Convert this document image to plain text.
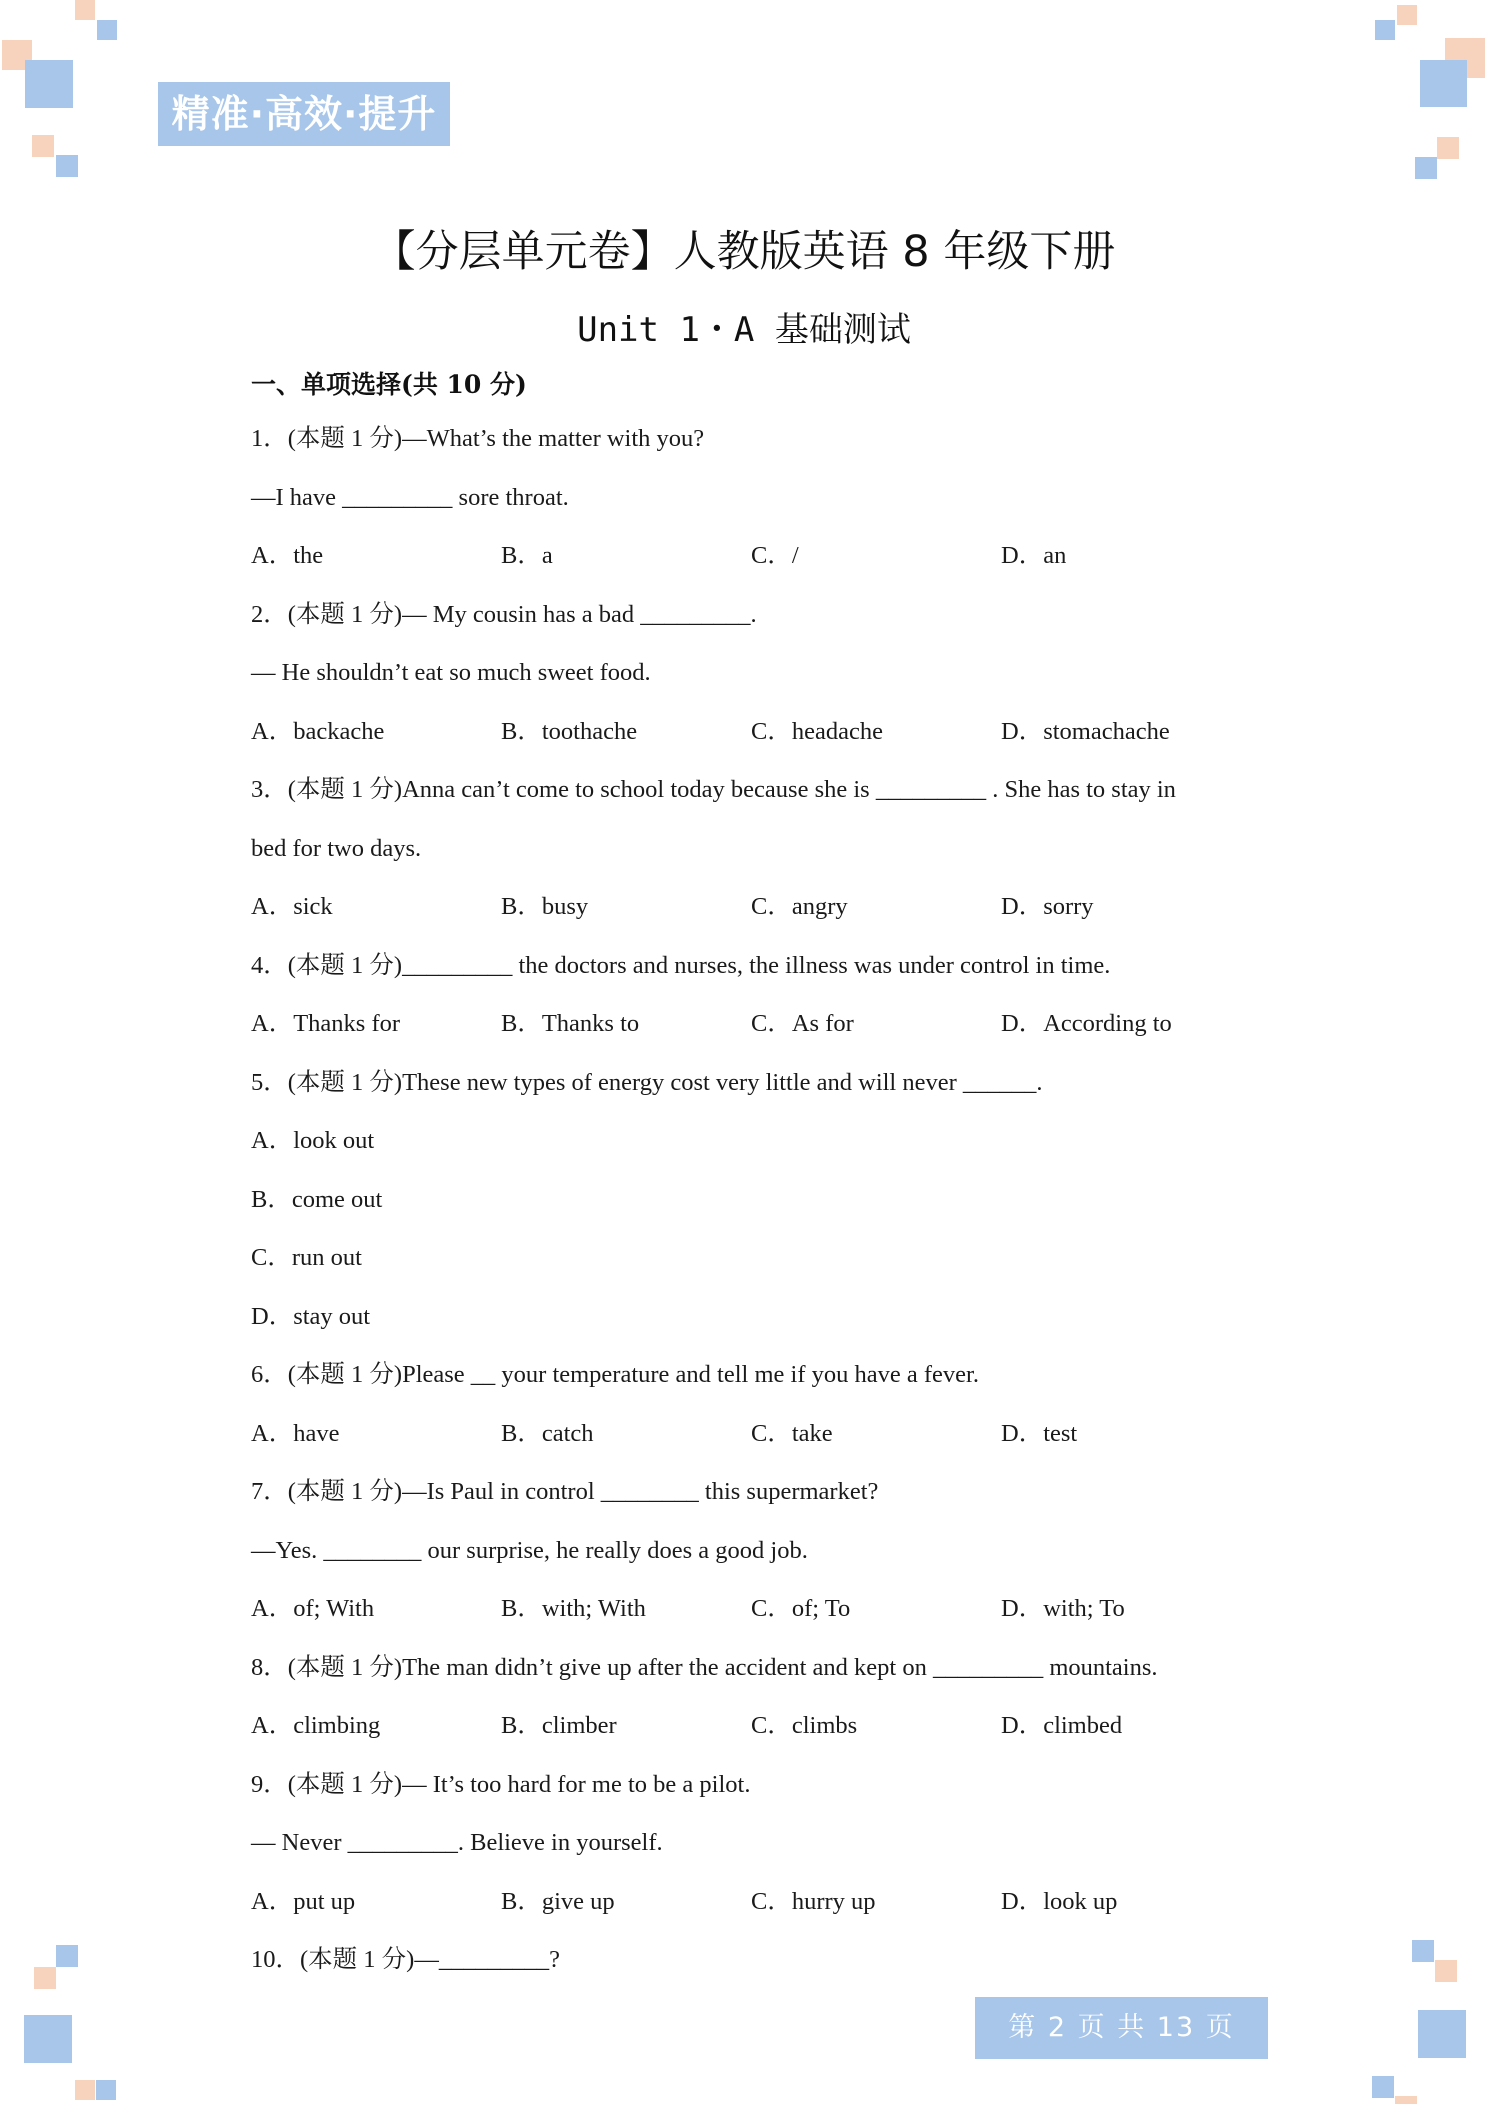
精准·高效·提升
【分层单元卷】人教版英语 8 年级下册
Unit 1・A 基础测试
一、单项选择(共 10 分)
1．(本题 1 分)—What’s the matter with you?
—I have _________ sore throat.
A．the	B．a	C．/	D．an
2．(本题 1 分)— My cousin has a bad _________.
— He shouldn’t eat so much sweet food.
A．backache	B．toothache	C．headache	D．stomachache
3．(本题 1 分)Anna can’t come to school today because she is _________ . She has to stay in
bed for two days.
A．sick	B．busy	C．angry	D．sorry
4．(本题 1 分)_________ the doctors and nurses, the illness was under control in time.
A．Thanks for	B．Thanks to	C．As for	D．According to
5．(本题 1 分)These new types of energy cost very little and will never ______.
A．look out
B．come out
C．run out
D．stay out
6．(本题 1 分)Please __ your temperature and tell me if you have a fever.
A．have	B．catch	C．take	D．test
7．(本题 1 分)—Is Paul in control ________ this supermarket?
—Yes. ________ our surprise, he really does a good job.
A．of; With	B．with; With	C．of; To	D．with; To
8．(本题 1 分)The man didn’t give up after the accident and kept on _________ mountains.
A．climbing	B．climber	C．climbs	D．climbed
9．(本题 1 分)— It’s too hard for me to be a pilot.
— Never _________. Believe in yourself.
A．put up	B．give up	C．hurry up	D．look up
10．(本题 1 分)—_________?
第 2 页 共 13 页
